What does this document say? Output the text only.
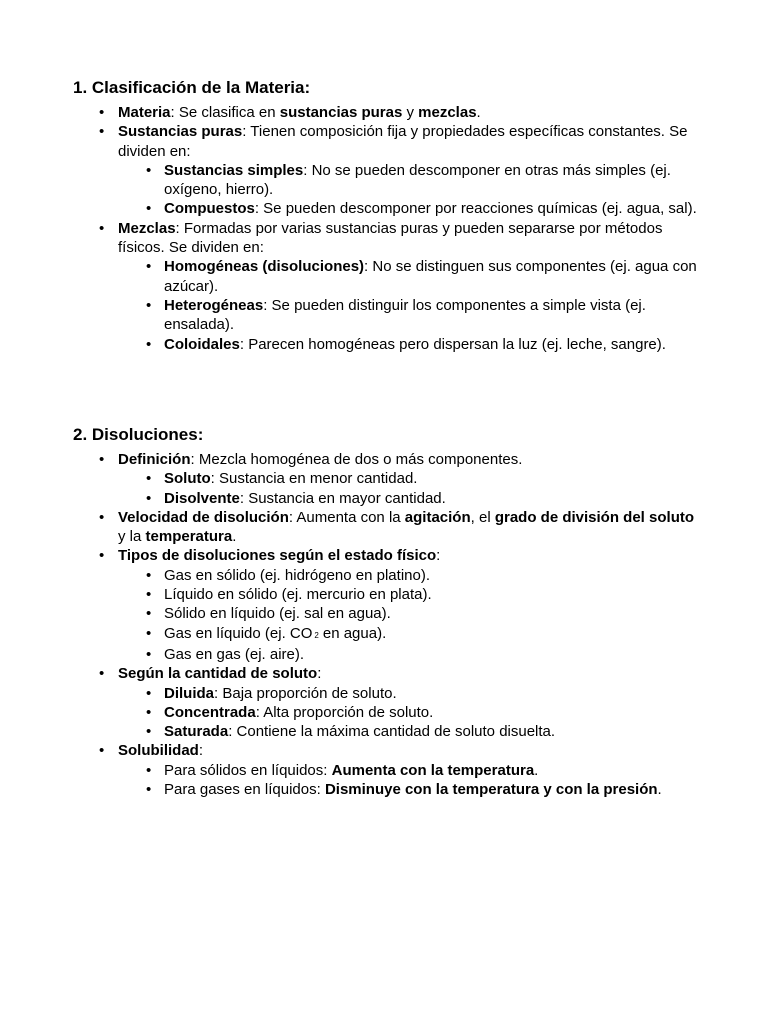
1. Clasificación de la Materia:
• Materia: Se clasifica en sustancias puras y mezclas.
• Sustancias puras: Tienen composición fija y propiedades específicas constantes. Se dividen en:
• Sustancias simples: No se pueden descomponer en otras más simples (ej. oxígeno, hierro).
• Compuestos: Se pueden descomponer por reacciones químicas (ej. agua, sal).
• Mezclas: Formadas por varias sustancias puras y pueden separarse por métodos físicos. Se dividen en:
• Homogéneas (disoluciones): No se distinguen sus componentes (ej. agua con azúcar).
• Heterogéneas: Se pueden distinguir los componentes a simple vista (ej. ensalada).
• Coloidales: Parecen homogéneas pero dispersan la luz (ej. leche, sangre).
2. Disoluciones:
• Definición: Mezcla homogénea de dos o más componentes.
• Soluto: Sustancia en menor cantidad.
• Disolvente: Sustancia en mayor cantidad.
• Velocidad de disolución: Aumenta con la agitación, el grado de división del soluto y la temperatura.
• Tipos de disoluciones según el estado físico:
• Gas en sólido (ej. hidrógeno en platino).
• Líquido en sólido (ej. mercurio en plata).
• Sólido en líquido (ej. sal en agua).
• Gas en líquido (ej. CO 2 en agua).
• Gas en gas (ej. aire).
• Según la cantidad de soluto:
• Diluida: Baja proporción de soluto.
• Concentrada: Alta proporción de soluto.
• Saturada: Contiene la máxima cantidad de soluto disuelta.
• Solubilidad:
• Para sólidos en líquidos: Aumenta con la temperatura.
• Para gases en líquidos: Disminuye con la temperatura y con la presión.
